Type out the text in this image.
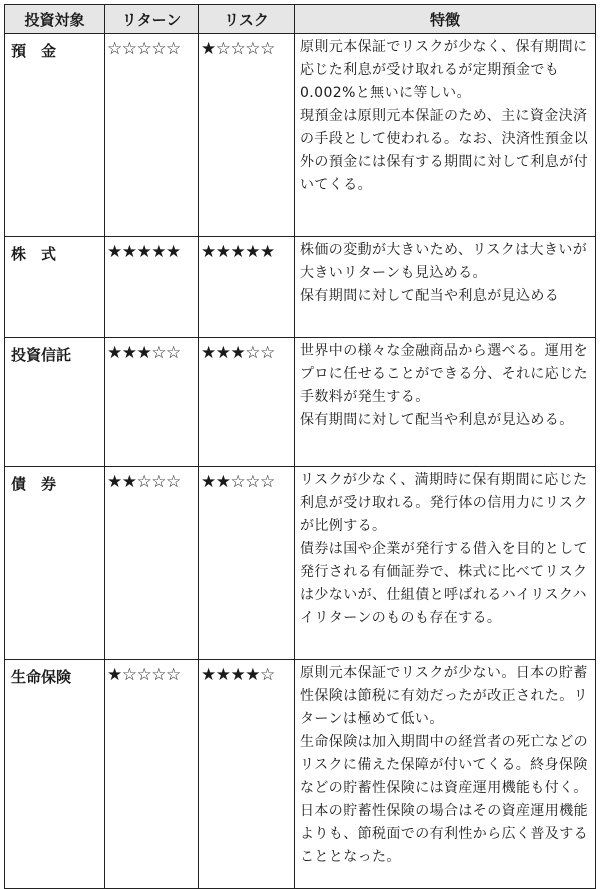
投資対象	リターン	リスク	特徴
預　金	☆☆☆☆☆	★☆☆☆☆	原則元本保証でリスクが少なく、保有期間に応じた利息が受け取れるが定期預金でも0.002%と無いに等しい。

現預金は原則元本保証のため、主に資金決済の手段として使われる。なお、決済性預金以外の預金には保有する期間に対して利息が付いてくる。

株　式	★★★★★	★★★★★	株価の変動が大きいため、リスクは大きいが大きいリターンも見込める。

保有期間に対して配当や利息が見込める

投資信託	★★★☆☆	★★★☆☆	世界中の様々な金融商品から選べる。運用をプロに任せることができる分、それに応じた手数料が発生する。

保有期間に対して配当や利息が見込める。

債　券	★★☆☆☆	★★☆☆☆	リスクが少なく、満期時に保有期間に応じた利息が受け取れる。発行体の信用力にリスクが比例する。

債券は国や企業が発行する借入を目的として発行される有価証券で、株式に比べてリスクは少ないが、仕組債と呼ばれるハイリスクハイリターンのものも存在する。

生命保険	★☆☆☆☆	★★★★☆	原則元本保証でリスクが少ない。日本の貯蓄性保険は節税に有効だったが改正された。リターンは極めて低い。

生命保険は加入期間中の経営者の死亡などのリスクに備えた保障が付いてくる。終身保険などの貯蓄性保険には資産運用機能も付く。日本の貯蓄性保険の場合はその資産運用機能よりも、節税面での有利性から広く普及することとなった。
